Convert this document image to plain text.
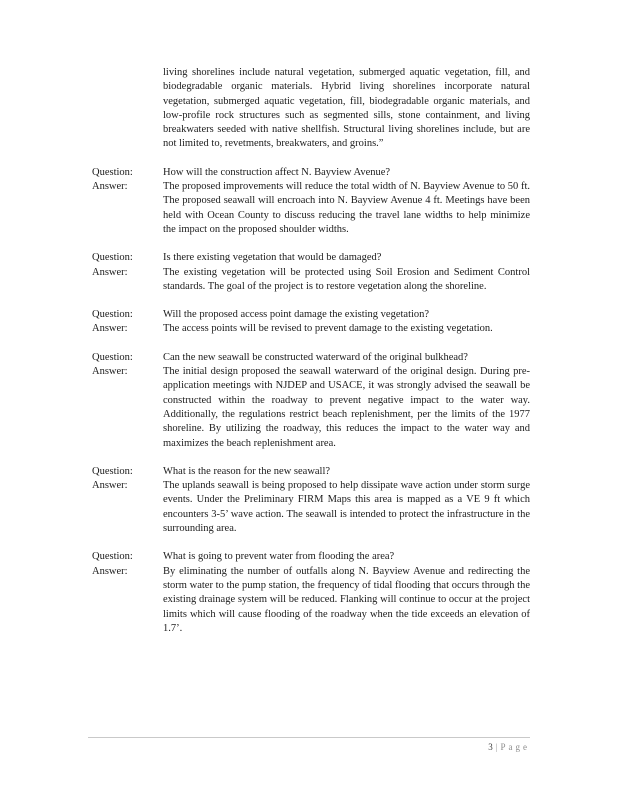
living shorelines include natural vegetation, submerged aquatic vegetation, fill, and biodegradable organic materials. Hybrid living shorelines incorporate natural vegetation, submerged aquatic vegetation, fill, biodegradable organic materials, and low-profile rock structures such as segmented sills, stone containment, and living breakwaters seeded with native shellfish. Structural living shorelines include, but are not limited to, revetments, breakwaters, and groins.”

Question:	How will the construction affect N. Bayview Avenue?
Answer:	The proposed improvements will reduce the total width of N. Bayview Avenue to 50 ft. The proposed seawall will encroach into N. Bayview Avenue 4 ft. Meetings have been held with Ocean County to discuss reducing the travel lane widths to help minimize the impact on the proposed shoulder widths.
Question:	Is there existing vegetation that would be damaged?
Answer:	The existing vegetation will be protected using Soil Erosion and Sediment Control standards. The goal of the project is to restore vegetation along the shoreline.
Question:	Will the proposed access point damage the existing vegetation?
Answer:	The access points will be revised to prevent damage to the existing vegetation.
Question:	Can the new seawall be constructed waterward of the original bulkhead?
Answer:	The initial design proposed the seawall waterward of the original design. During pre-application meetings with NJDEP and USACE, it was strongly advised the seawall be constructed within the roadway to prevent negative impact to the water way. Additionally, the regulations restrict beach replenishment, per the limits of the 1977 shoreline. By utilizing the roadway, this reduces the impact to the water way and maximizes the beach replenishment area.
Question:	What is the reason for the new seawall?
Answer:	The uplands seawall is being proposed to help dissipate wave action under storm surge events. Under the Preliminary FIRM Maps this area is mapped as a VE 9 ft which encounters 3-5’ wave action. The seawall is intended to protect the infrastructure in the surrounding area.
Question:	What is going to prevent water from flooding the area?
Answer:	By eliminating the number of outfalls along N. Bayview Avenue and redirecting the storm water to the pump station, the frequency of tidal flooding that occurs through the existing drainage system will be reduced. Flanking will continue to occur at the project limits which will cause flooding of the roadway when the tide exceeds an elevation of 1.7’.
3 | Page
